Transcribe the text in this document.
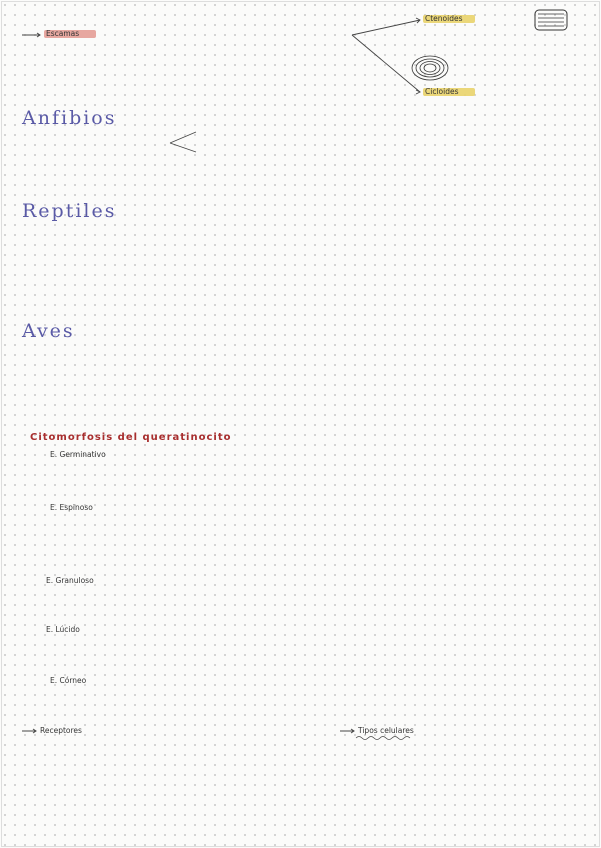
Escamas
Ctenoides
Cicloides
Anfibios
Reptiles
Aves
Citomorfosis del queratinocito
E. Germinativo
E. Espinoso
E. Granuloso
E. Lúcido
E. Córneo
Receptores	Tipos celulares
